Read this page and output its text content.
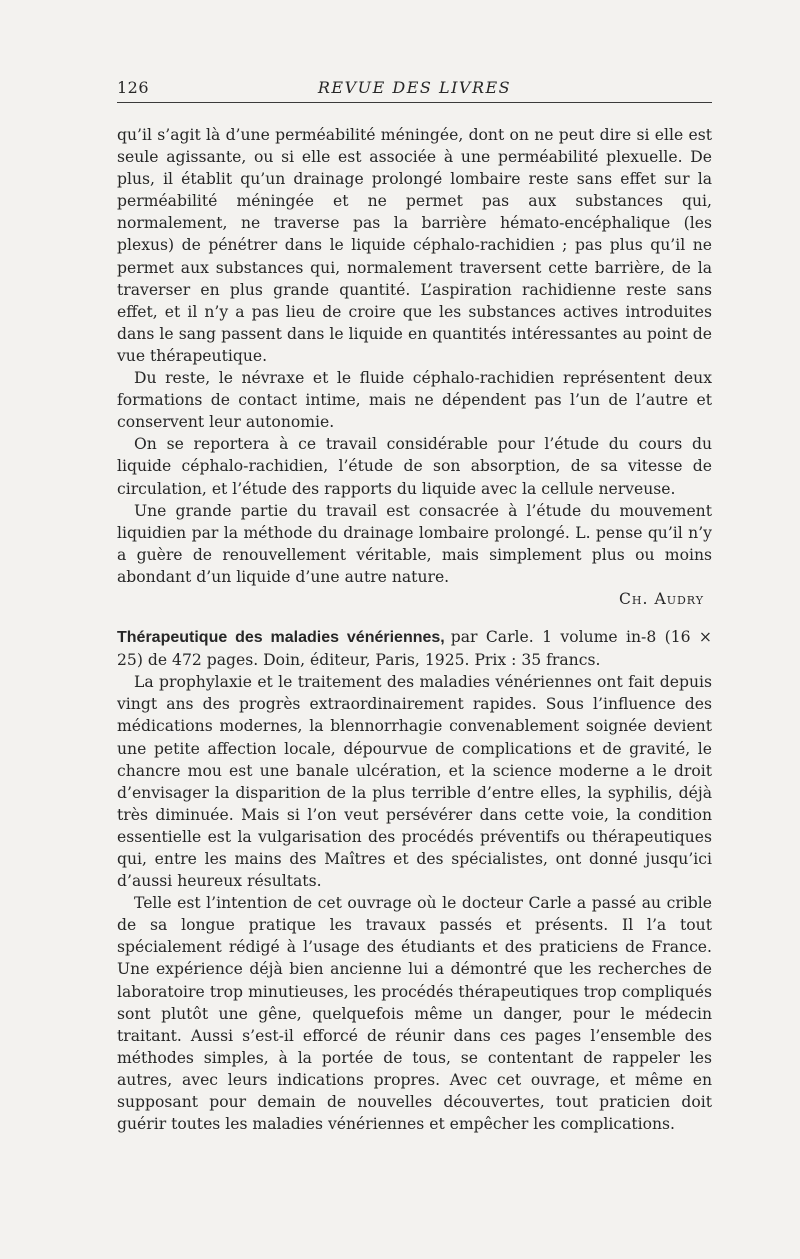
126	REVUE DES LIVRES

qu’il s’agit là d’une perméabilité méningée, dont on ne peut dire si elle est seule agissante, ou si elle est associée à une perméabilité plexuelle. De plus, il établit qu’un drainage prolongé lombaire reste sans effet sur la perméabilité méningée et ne permet pas aux substances qui, normalement, ne traverse pas la barrière hémato-encéphalique (les plexus) de pénétrer dans le liquide céphalo-rachidien ; pas plus qu’il ne permet aux substances qui, normalement traversent cette barrière, de la traverser en plus grande quantité. L’aspiration rachidienne reste sans effet, et il n’y a pas lieu de croire que les substances actives introduites dans le sang passent dans le liquide en quantités intéressantes au point de vue thérapeutique.

Du reste, le névraxe et le fluide céphalo-rachidien représentent deux formations de contact intime, mais ne dépendent pas l’un de l’autre et conservent leur autonomie.

On se reportera à ce travail considérable pour l’étude du cours du liquide céphalo-rachidien, l’étude de son absorption, de sa vitesse de circulation, et l’étude des rapports du liquide avec la cellule nerveuse.

Une grande partie du travail est consacrée à l’étude du mouvement liquidien par la méthode du drainage lombaire prolongé. L. pense qu’il n’y a guère de renouvellement véritable, mais simplement plus ou moins abondant d’un liquide d’une autre nature.

Ch. Audry

Thérapeutique des maladies vénériennes, par Carle. 1 volume in-8 (16 × 25) de 472 pages. Doin, éditeur, Paris, 1925. Prix : 35 francs.

La prophylaxie et le traitement des maladies vénériennes ont fait depuis vingt ans des progrès extraordinairement rapides. Sous l’influence des médications modernes, la blennorrhagie convenablement soignée devient une petite affection locale, dépourvue de complications et de gravité, le chancre mou est une banale ulcération, et la science moderne a le droit d’envisager la disparition de la plus terrible d’entre elles, la syphilis, déjà très diminuée. Mais si l’on veut persévérer dans cette voie, la condition essentielle est la vulgarisation des procédés préventifs ou thérapeutiques qui, entre les mains des Maîtres et des spécialistes, ont donné jusqu’ici d’aussi heureux résultats.

Telle est l’intention de cet ouvrage où le docteur Carle a passé au crible de sa longue pratique les travaux passés et présents. Il l’a tout spécialement rédigé à l’usage des étudiants et des praticiens de France. Une expérience déjà bien ancienne lui a démontré que les recherches de laboratoire trop minutieuses, les procédés thérapeutiques trop compliqués sont plutôt une gêne, quelquefois même un danger, pour le médecin traitant. Aussi s’est-il efforcé de réunir dans ces pages l’ensemble des méthodes simples, à la portée de tous, se contentant de rappeler les autres, avec leurs indications propres. Avec cet ouvrage, et même en supposant pour demain de nouvelles découvertes, tout praticien doit guérir toutes les maladies vénériennes et empêcher les complications.
